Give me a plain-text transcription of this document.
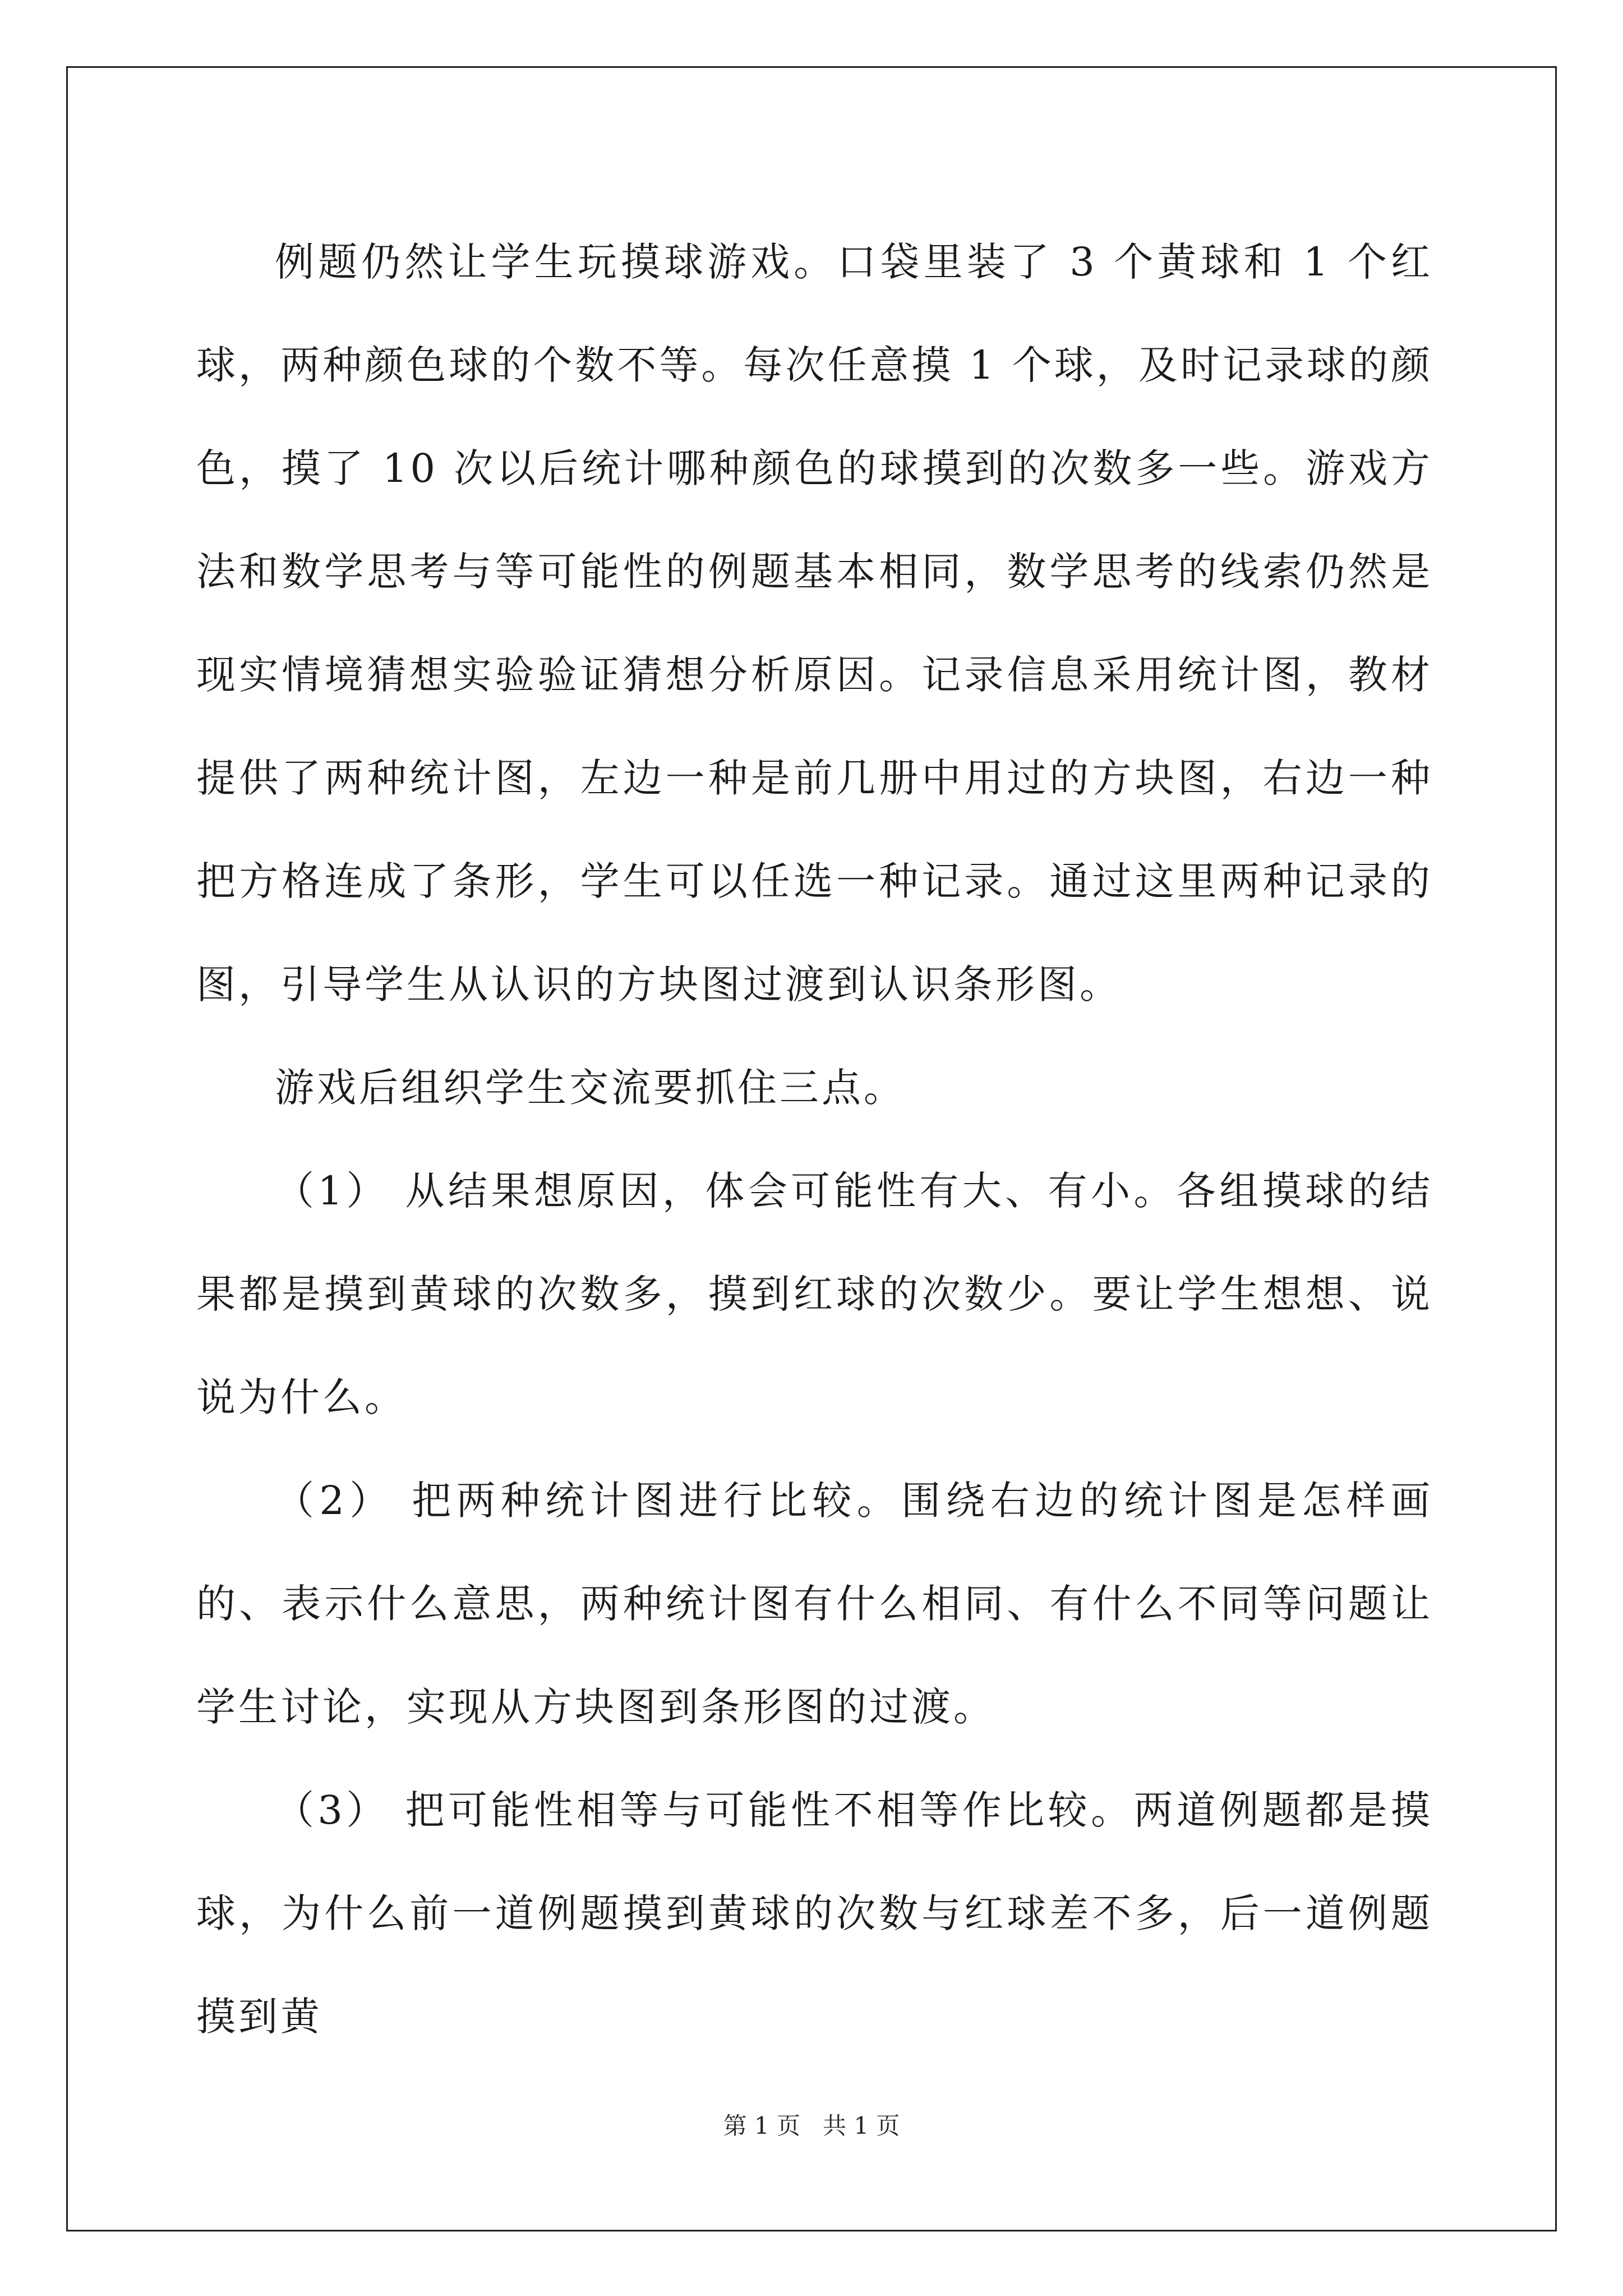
例题仍然让学生玩摸球游戏。口袋里装了 3 个黄球和 1 个红球，两种颜色球的个数不等。每次任意摸 1 个球，及时记录球的颜色，摸了 10 次以后统计哪种颜色的球摸到的次数多一些。游戏方法和数学思考与等可能性的例题基本相同，数学思考的线索仍然是现实情境猜想实验验证猜想分析原因。记录信息采用统计图，教材提供了两种统计图，左边一种是前几册中用过的方块图，右边一种把方格连成了条形，学生可以任选一种记录。通过这里两种记录的图，引导学生从认识的方块图过渡到认识条形图。

游戏后组织学生交流要抓住三点。

（1） 从结果想原因，体会可能性有大、有小。各组摸球的结果都是摸到黄球的次数多，摸到红球的次数少。要让学生想想、说说为什么。

（2） 把两种统计图进行比较。围绕右边的统计图是怎样画的、表示什么意思，两种统计图有什么相同、有什么不同等问题让学生讨论，实现从方块图到条形图的过渡。

（3） 把可能性相等与可能性不相等作比较。两道例题都是摸球，为什么前一道例题摸到黄球的次数与红球差不多，后一道例题摸到黄

第 1 页 共 1 页
